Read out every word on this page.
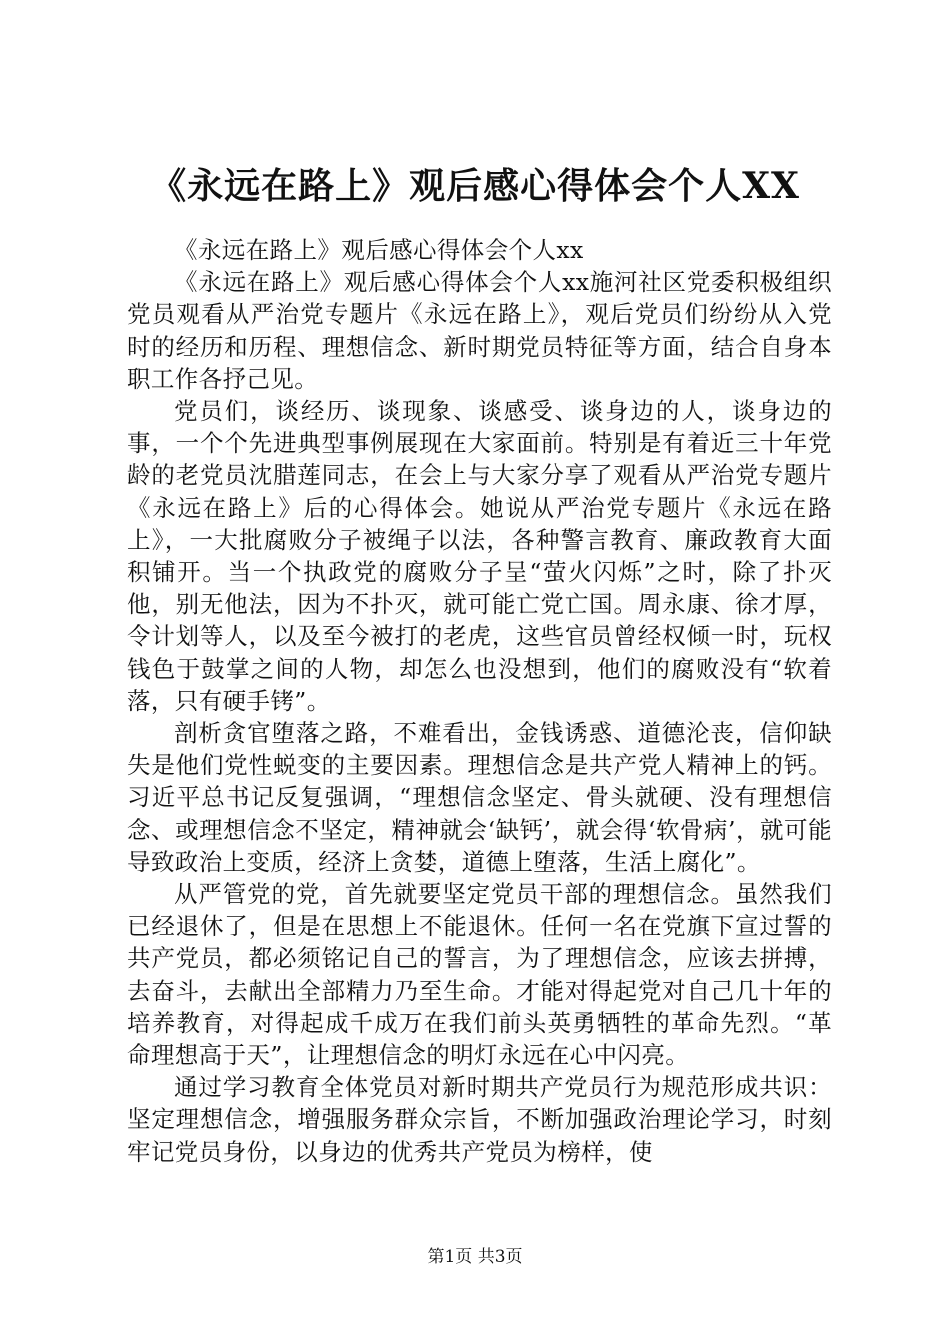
《永远在路上》观后感心得体会个人XX

《永远在路上》观后感心得体会个人xx

《永远在路上》观后感心得体会个人xx施河社区党委积极组织党员观看从严治党专题片《永远在路上》，观后党员们纷纷从入党时的经历和历程、理想信念、新时期党员特征等方面，结合自身本职工作各抒己见。

党员们，谈经历、谈现象、谈感受、谈身边的人，谈身边的事，一个个先进典型事例展现在大家面前。特别是有着近三十年党龄的老党员沈腊莲同志，在会上与大家分享了观看从严治党专题片《永远在路上》后的心得体会。她说从严治党专题片《永远在路上》，一大批腐败分子被绳子以法，各种警言教育、廉政教育大面积铺开。当一个执政党的腐败分子呈“萤火闪烁”之时，除了扑灭他，别无他法，因为不扑灭，就可能亡党亡国。周永康、徐才厚，令计划等人，以及至今被打的老虎，这些官员曾经权倾一时，玩权钱色于鼓掌之间的人物，却怎么也没想到，他们的腐败没有“软着落，只有硬手铐”。

剖析贪官堕落之路，不难看出，金钱诱惑、道德沦丧，信仰缺失是他们党性蜕变的主要因素。理想信念是共产党人精神上的钙。习近平总书记反复强调，“理想信念坚定、骨头就硬、没有理想信念、或理想信念不坚定，精神就会‘缺钙’，就会得‘软骨病’，就可能导致政治上变质，经济上贪婪，道德上堕落，生活上腐化”。

从严管党的党，首先就要坚定党员干部的理想信念。虽然我们已经退休了，但是在思想上不能退休。任何一名在党旗下宣过誓的共产党员，都必须铭记自己的誓言，为了理想信念，应该去拼搏，去奋斗，去献出全部精力乃至生命。才能对得起党对自己几十年的培养教育，对得起成千成万在我们前头英勇牺牲的革命先烈。“革命理想高于天”，让理想信念的明灯永远在心中闪亮。

通过学习教育全体党员对新时期共产党员行为规范形成共识：坚定理想信念，增强服务群众宗旨，不断加强政治理论学习，时刻牢记党员身份，以身边的优秀共产党员为榜样，使

第1页 共3页
